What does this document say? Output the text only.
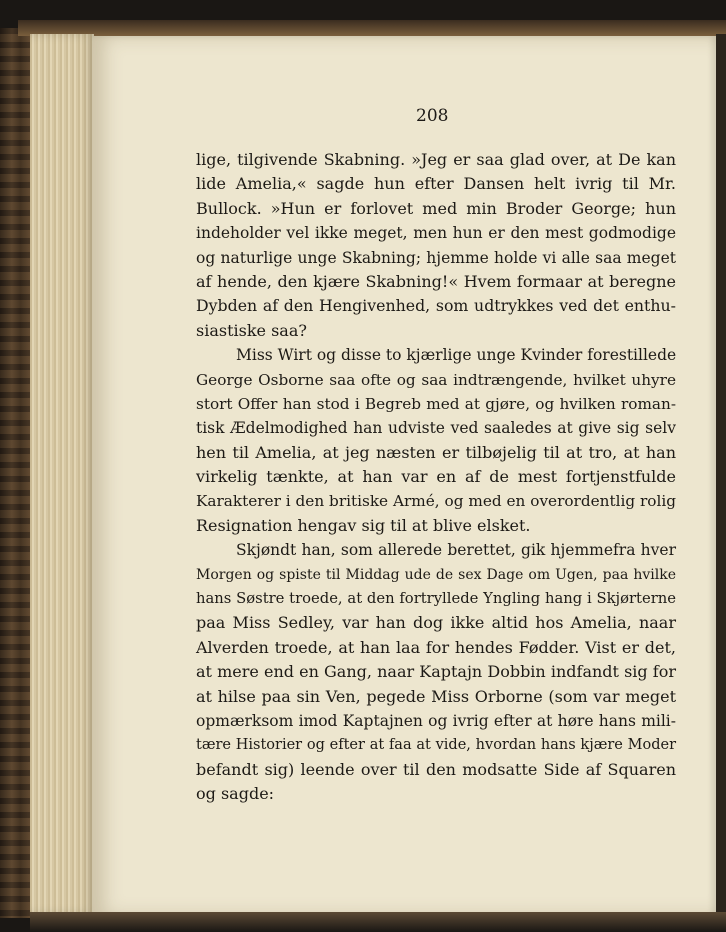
208
lige, tilgivende Skabning. »Jeg er saa glad over, at De kan
lide Amelia,« sagde hun efter Dansen helt ivrig til Mr.
Bullock. »Hun er forlovet med min Broder George; hun
indeholder vel ikke meget, men hun er den mest godmodige
og naturlige unge Skabning; hjemme holde vi alle saa meget
af hende, den kjære Skabning!« Hvem formaar at beregne
Dybden af den Hengivenhed, som udtrykkes ved det enthu-
siastiske saa?
Miss Wirt og disse to kjærlige unge Kvinder forestillede
George Osborne saa ofte og saa indtrængende, hvilket uhyre
stort Offer han stod i Begreb med at gjøre, og hvilken roman-
tisk Ædelmodighed han udviste ved saaledes at give sig selv
hen til Amelia, at jeg næsten er tilbøjelig til at tro, at han
virkelig tænkte, at han var en af de mest fortjenstfulde
Karakterer i den britiske Armé, og med en overordentlig rolig
Resignation hengav sig til at blive elsket.
Skjøndt han, som allerede berettet, gik hjemmefra hver
Morgen og spiste til Middag ude de sex Dage om Ugen, paa hvilke
hans Søstre troede, at den fortryllede Yngling hang i Skjørterne
paa Miss Sedley, var han dog ikke altid hos Amelia, naar
Alverden troede, at han laa for hendes Fødder. Vist er det,
at mere end en Gang, naar Kaptajn Dobbin indfandt sig for
at hilse paa sin Ven, pegede Miss Orborne (som var meget
opmærksom imod Kaptajnen og ivrig efter at høre hans mili-
tære Historier og efter at faa at vide, hvordan hans kjære Moder
befandt sig) leende over til den modsatte Side af Squaren
og sagde:
